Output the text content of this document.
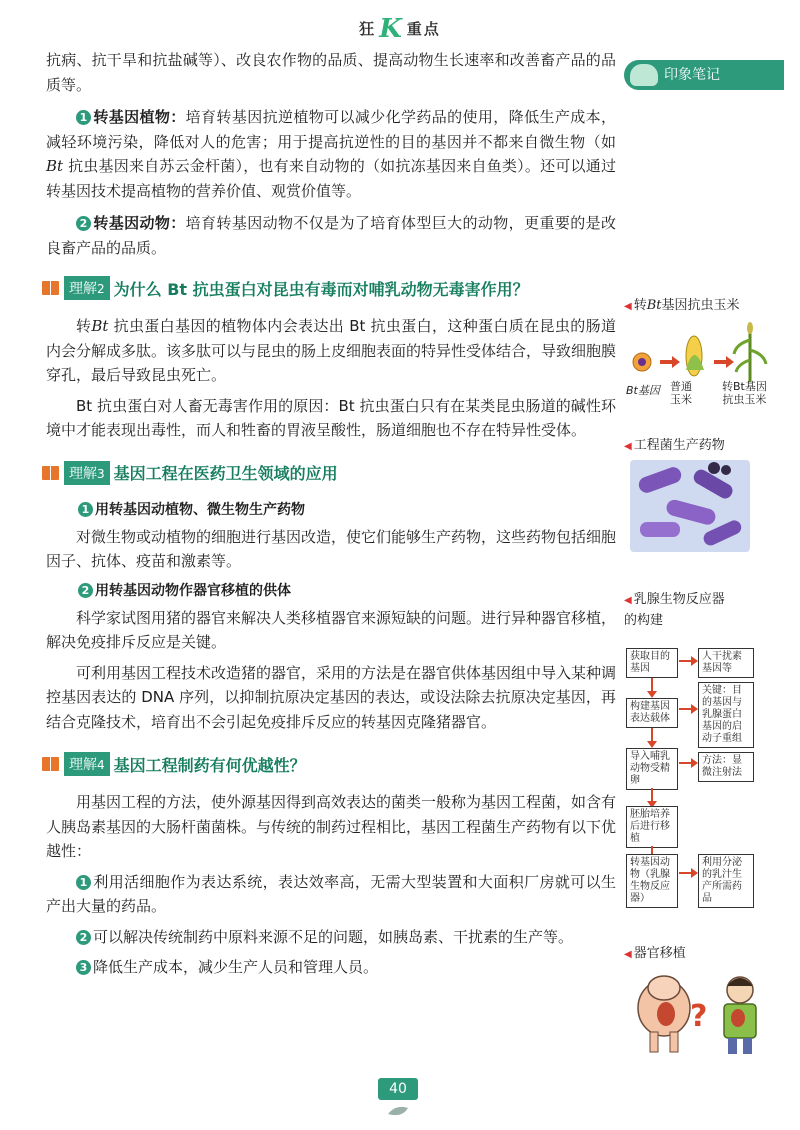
狂 K 重点

抗病、抗干旱和抗盐碱等）、改良农作物的品质、提高动物生长速率和改善畜产品的品质等。

1 转基因植物：培育转基因抗逆植物可以减少化学药品的使用，降低生产成本，减轻环境污染，降低对人的危害；用于提高抗逆性的目的基因并不都来自微生物（如 Bt 抗虫基因来自苏云金杆菌），也有来自动物的（如抗冻基因来自鱼类）。还可以通过转基因技术提高植物的营养价值、观赏价值等。

2 转基因动物：培育转基因动物不仅是为了培育体型巨大的动物，更重要的是改良畜产品的品质。

理解2 为什么 Bt 抗虫蛋白对昆虫有毒而对哺乳动物无毒害作用？

转Bt 抗虫蛋白基因的植物体内会表达出 Bt 抗虫蛋白，这种蛋白质在昆虫的肠道内会分解成多肽。该多肽可以与昆虫的肠上皮细胞表面的特异性受体结合，导致细胞膜穿孔，最后导致昆虫死亡。

Bt 抗虫蛋白对人畜无毒害作用的原因：Bt 抗虫蛋白只有在某类昆虫肠道的碱性环境中才能表现出毒性，而人和牲畜的胃液呈酸性，肠道细胞也不存在特异性受体。

理解3 基因工程在医药卫生领域的应用
1 用转基因动植物、微生物生产药物

对微生物或动植物的细胞进行基因改造，使它们能够生产药物，这些药物包括细胞因子、抗体、疫苗和激素等。

2 用转基因动物作器官移植的供体

科学家试图用猪的器官来解决人类移植器官来源短缺的问题。进行异种器官移植，解决免疫排斥反应是关键。

可利用基因工程技术改造猪的器官，采用的方法是在器官供体基因组中导入某种调控基因表达的 DNA 序列，以抑制抗原决定基因的表达，或设法除去抗原决定基因，再结合克隆技术，培育出不会引起免疫排斥反应的转基因克隆猪器官。

理解4 基因工程制药有何优越性？

用基因工程的方法，使外源基因得到高效表达的菌类一般称为基因工程菌，如含有人胰岛素基因的大肠杆菌菌株。与传统的制药过程相比，基因工程菌生产药物有以下优越性：

1 利用活细胞作为表达系统，表达效率高，无需大型装置和大面积厂房就可以生产出大量的药品。

2 可以解决传统制药中原料来源不足的问题，如胰岛素、干扰素的生产等。

3 降低生产成本，减少生产人员和管理人员。

印象笔记
◀ 转Bt基因抗虫玉米
Bt基因 普通
玉米
转Bt基因
抗虫玉米
◀ 工程菌生产药物
◀ 乳腺生物反应器
的构建
获取目的基因
人干扰素基因等
构建基因表达载体
关键：目的基因与乳腺蛋白基因的启动子重组
导入哺乳动物受精卵
方法：显微注射法
胚胎培养后进行移植
转基因动物（乳腺生物反应器）
利用分泌的乳汁生产所需药品
◀ 器官移植
?
40
